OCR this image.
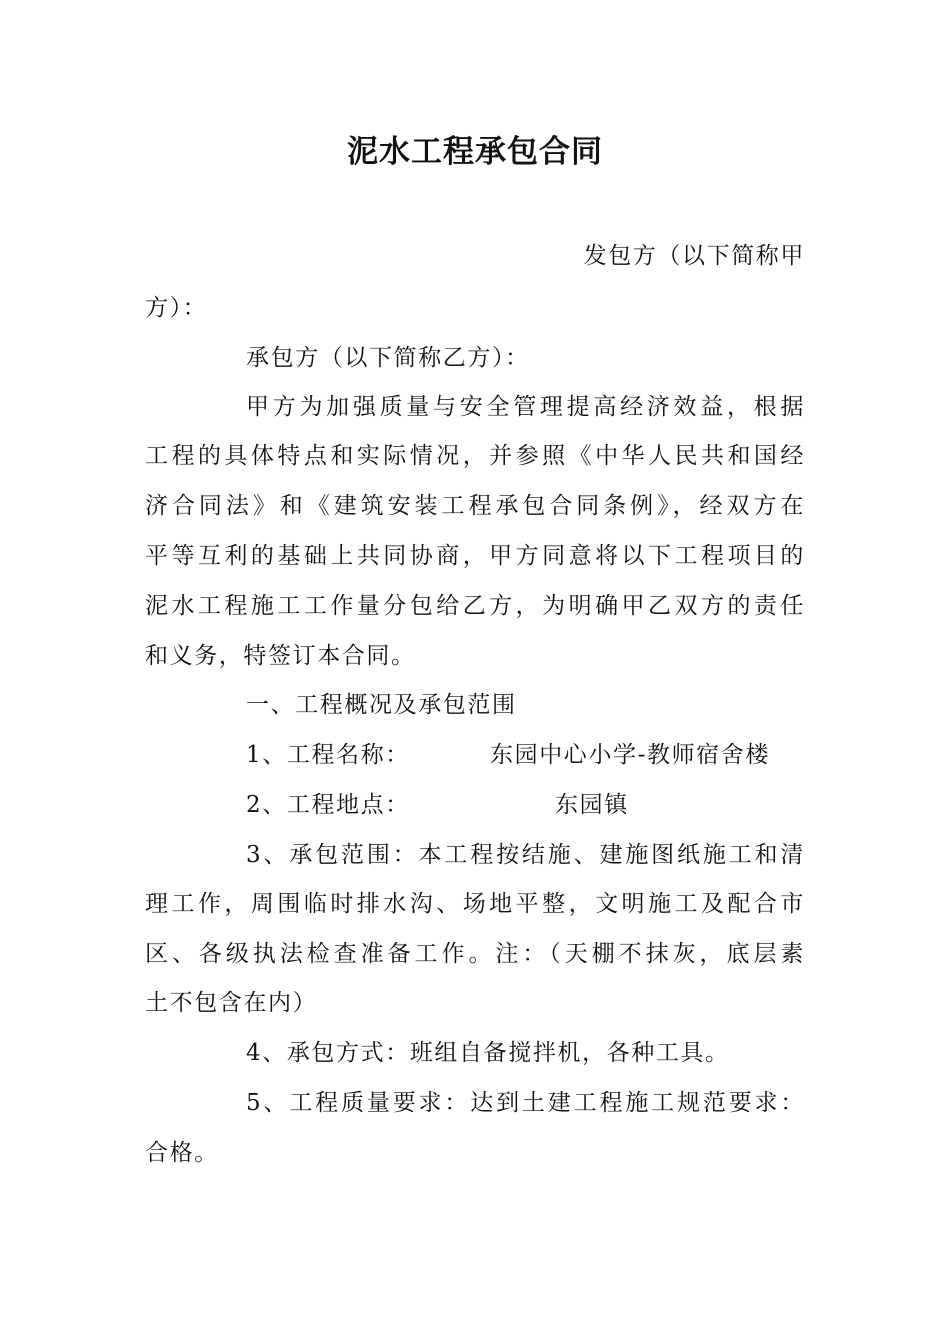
泥水工程承包合同
发包方（以下简称甲
方）：
承包方（以下简称乙方）：
甲方为加强质量与安全管理提高经济效益，根据
工程的具体特点和实际情况，并参照《中华人民共和国经
济合同法》和《建筑安装工程承包合同条例》，经双方在
平等互利的基础上共同协商，甲方同意将以下工程项目的
泥水工程施工工作量分包给乙方，为明确甲乙双方的责任
和义务，特签订本合同。
一、工程概况及承包范围
1、工程名称：	东园中心小学-教师宿舍楼
2、工程地点：	东园镇
3、承包范围：本工程按结施、建施图纸施工和清
理工作，周围临时排水沟、场地平整，文明施工及配合市
区、各级执法检查准备工作。注：（天棚不抹灰，底层素
土不包含在内）
4、承包方式：班组自备搅拌机，各种工具。
5、工程质量要求：达到土建工程施工规范要求：
合格。
